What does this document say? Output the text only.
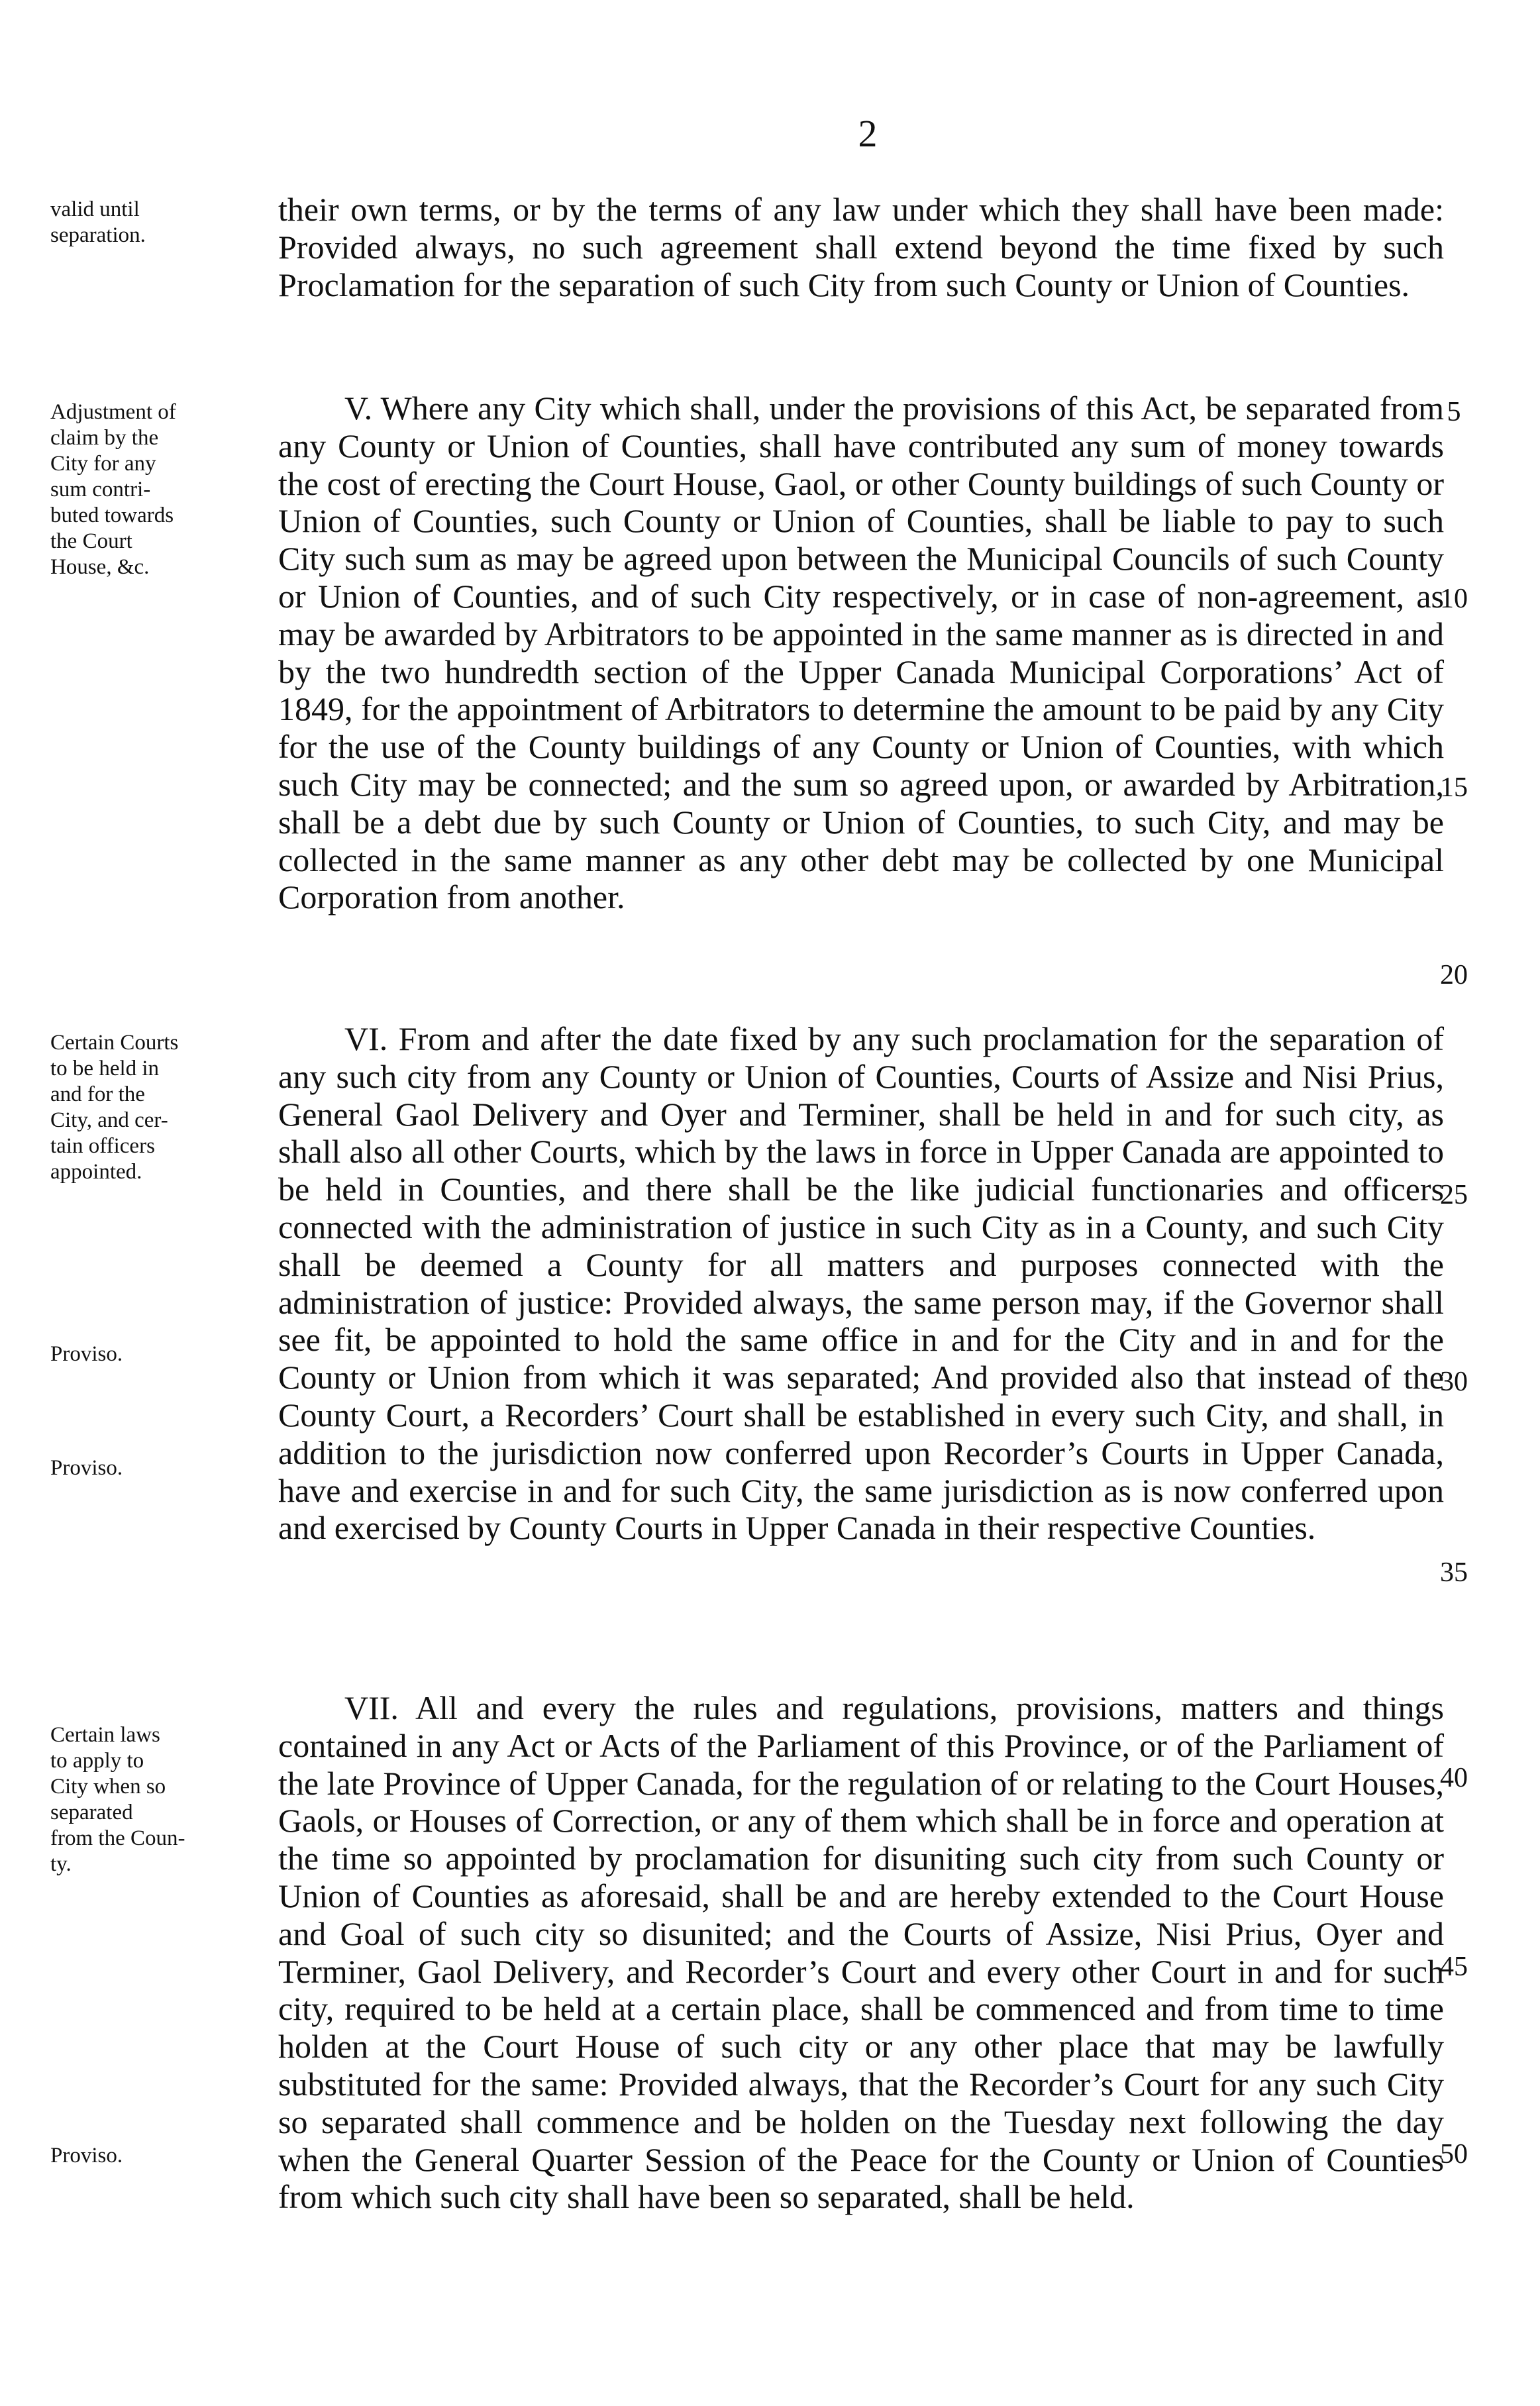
2
valid until
separation.
Adjustment of
claim by the
City for any
sum contri-
buted towards
the Court
House, &c.
Certain Courts
to be held in
and for the
City, and cer-
tain officers
appointed.
Proviso.
Proviso.
Certain laws
to apply to
City when so
separated
from the Coun-
ty.
Proviso.
their own terms, or by the terms of any law under which they shall have been made: Provided always, no such agreement shall extend beyond the time fixed by such Proclamation for the separation of such City from such County or Union of Counties.
V. Where any City which shall, under the provisions of this Act, be separated from any County or Union of Counties, shall have contributed any sum of money towards the cost of erecting the Court House, Gaol, or other County buildings of such County or Union of Counties, such County or Union of Counties, shall be liable to pay to such City such sum as may be agreed upon between the Municipal Councils of such County or Union of Counties, and of such City respectively, or in case of non-agreement, as may be awarded by Arbitrators to be appointed in the same manner as is directed in and by the two hundredth section of the Upper Canada Municipal Corporations’ Act of 1849, for the appointment of Arbitrators to determine the amount to be paid by any City for the use of the County buildings of any County or Union of Counties, with which such City may be connected; and the sum so agreed upon, or awarded by Arbitration, shall be a debt due by such County or Union of Counties, to such City, and may be collected in the same manner as any other debt may be collected by one Municipal Corporation from another.
VI. From and after the date fixed by any such proclamation for the separation of any such city from any County or Union of Counties, Courts of Assize and Nisi Prius, General Gaol Delivery and Oyer and Terminer, shall be held in and for such city, as shall also all other Courts, which by the laws in force in Upper Canada are appointed to be held in Counties, and there shall be the like judicial functionaries and officers connected with the administration of justice in such City as in a County, and such City shall be deemed a County for all matters and purposes connected with the administration of justice: Provided always, the same person may, if the Governor shall see fit, be appointed to hold the same office in and for the City and in and for the County or Union from which it was separated; And provided also that instead of the County Court, a Recorders’ Court shall be established in every such City, and shall, in addition to the jurisdiction now conferred upon Recorder’s Courts in Upper Canada, have and exercise in and for such City, the same jurisdiction as is now conferred upon and exercised by County Courts in Upper Canada in their respective Counties.
VII. All and every the rules and regulations, provisions, matters and things contained in any Act or Acts of the Parliament of this Province, or of the Parliament of the late Province of Upper Canada, for the regulation of or relating to the Court Houses, Gaols, or Houses of Correction, or any of them which shall be in force and operation at the time so appointed by proclamation for disuniting such city from such County or Union of Counties as aforesaid, shall be and are hereby extended to the Court House and Goal of such city so disunited; and the Courts of Assize, Nisi Prius, Oyer and Terminer, Gaol Delivery, and Recorder’s Court and every other Court in and for such city, required to be held at a certain place, shall be commenced and from time to time holden at the Court House of such city or any other place that may be lawfully substituted for the same: Provided always, that the Recorder’s Court for any such City so separated shall commence and be holden on the Tuesday next following the day when the General Quarter Session of the Peace for the County or Union of Counties from which such city shall have been so separated, shall be held.
5
10
15
20
25
30
35
40
45
50
